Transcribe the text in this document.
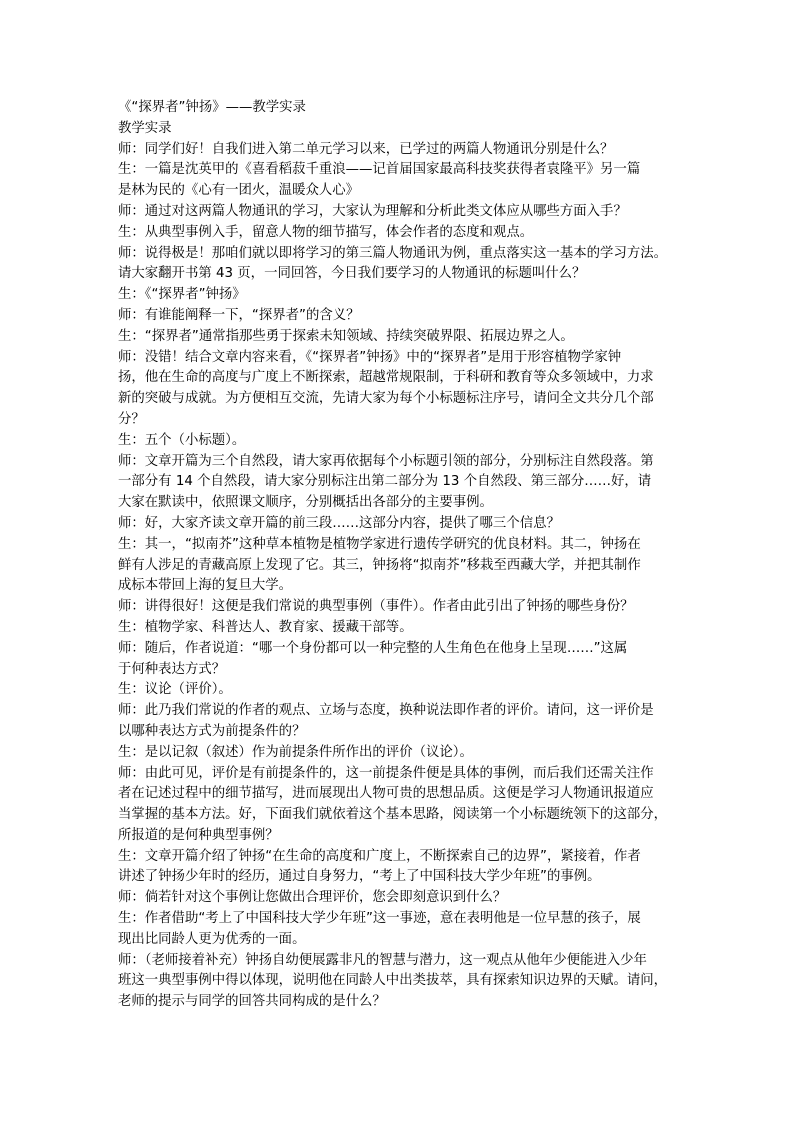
《“探界者”钟扬》——教学实录
教学实录
师：同学们好！自我们进入第二单元学习以来，已学过的两篇人物通讯分别是什么？
生：一篇是沈英甲的《喜看稻菽千重浪——记首届国家最高科技奖获得者袁隆平》另一篇
是林为民的《心有一团火，温暖众人心》
师：通过对这两篇人物通讯的学习，大家认为理解和分析此类文体应从哪些方面入手？
生：从典型事例入手，留意人物的细节描写，体会作者的态度和观点。
师：说得极是！那咱们就以即将学习的第三篇人物通讯为例，重点落实这一基本的学习方法。
请大家翻开书第 43 页，一同回答，今日我们要学习的人物通讯的标题叫什么？
生：《“探界者”钟扬》
师：有谁能阐释一下，“探界者”的含义？
生：“探界者”通常指那些勇于探索未知领域、持续突破界限、拓展边界之人。
师：没错！结合文章内容来看，《“探界者”钟扬》中的“探界者”是用于形容植物学家钟
扬，他在生命的高度与广度上不断探索，超越常规限制，于科研和教育等众多领域中，力求
新的突破与成就。为方便相互交流，先请大家为每个小标题标注序号，请问全文共分几个部
分？
生：五个（小标题）。
师：文章开篇为三个自然段，请大家再依据每个小标题引领的部分，分别标注自然段落。第
一部分有 14 个自然段，请大家分别标注出第二部分为 13 个自然段、第三部分……好，请
大家在默读中，依照课文顺序，分别概括出各部分的主要事例。
师：好，大家齐读文章开篇的前三段……这部分内容，提供了哪三个信息？
生：其一，“拟南芥”这种草本植物是植物学家进行遗传学研究的优良材料。其二，钟扬在
鲜有人涉足的青藏高原上发现了它。其三，钟扬将“拟南芥”移栽至西藏大学，并把其制作
成标本带回上海的复旦大学。
师：讲得很好！这便是我们常说的典型事例（事件）。作者由此引出了钟扬的哪些身份？
生：植物学家、科普达人、教育家、援藏干部等。
师：随后，作者说道：“哪一个身份都可以一种完整的人生角色在他身上呈现……”这属
于何种表达方式？
生：议论（评价）。
师：此乃我们常说的作者的观点、立场与态度，换种说法即作者的评价。请问，这一评价是
以哪种表达方式为前提条件的？
生：是以记叙（叙述）作为前提条件所作出的评价（议论）。
师：由此可见，评价是有前提条件的，这一前提条件便是具体的事例，而后我们还需关注作
者在记述过程中的细节描写，进而展现出人物可贵的思想品质。这便是学习人物通讯报道应
当掌握的基本方法。好，下面我们就依着这个基本思路，阅读第一个小标题统领下的这部分，
所报道的是何种典型事例？
生：文章开篇介绍了钟扬“在生命的高度和广度上，不断探索自己的边界”，紧接着，作者
讲述了钟扬少年时的经历，通过自身努力，“考上了中国科技大学少年班”的事例。
师：倘若针对这个事例让您做出合理评价，您会即刻意识到什么？
生：作者借助“考上了中国科技大学少年班”这一事迹，意在表明他是一位早慧的孩子，展
现出比同龄人更为优秀的一面。
师：（老师接着补充）钟扬自幼便展露非凡的智慧与潜力，这一观点从他年少便能进入少年
班这一典型事例中得以体现，说明他在同龄人中出类拔萃，具有探索知识边界的天赋。请问，
老师的提示与同学的回答共同构成的是什么？
